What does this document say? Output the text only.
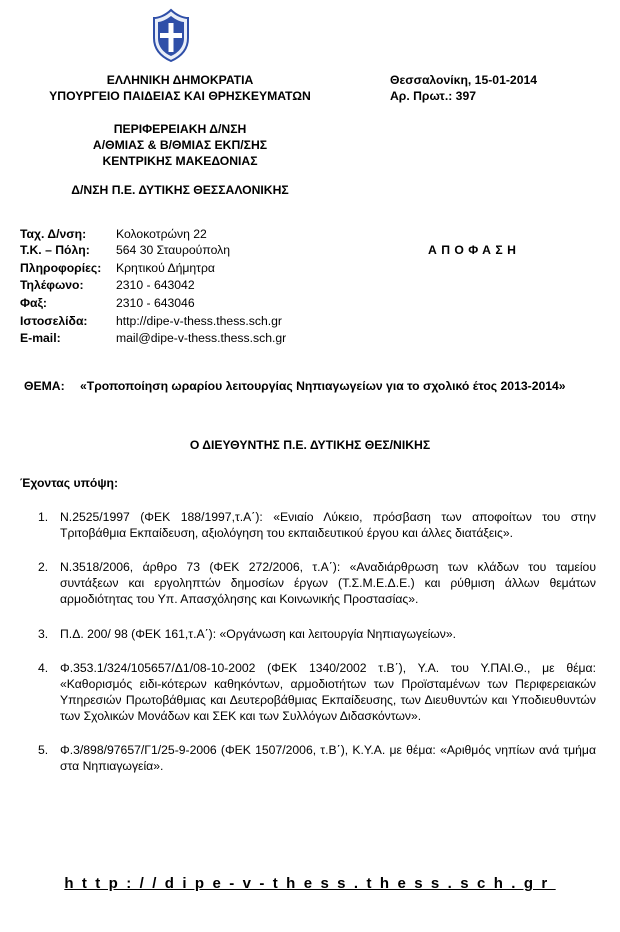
ΕΛΛΗΝΙΚΗ ΔΗΜΟΚΡΑΤΙΑ
ΥΠΟΥΡΓΕΙΟ ΠΑΙΔΕΙΑΣ ΚΑΙ ΘΡΗΣΚΕΥΜΑΤΩΝ
ΠΕΡΙΦΕΡΕΙΑΚΗ Δ/ΝΣΗ
Α/ΘΜΙΑΣ & Β/ΘΜΙΑΣ ΕΚΠ/ΣΗΣ
ΚΕΝΤΡΙΚΗΣ ΜΑΚΕΔΟΝΙΑΣ
Δ/ΝΣΗ Π.Ε. ΔΥΤΙΚΗΣ ΘΕΣΣΑΛΟΝΙΚΗΣ
Θεσσαλονίκη, 15-01-2014
Αρ. Πρωτ.: 397
Ταχ. Δ/νση: Κολοκοτρώνη 22
Τ.Κ. – Πόλη: 564 30 Σταυρούπολη
Πληροφορίες: Κρητικού Δήμητρα
Τηλέφωνο:	2310 - 643042
Φαξ:	2310 - 643046
Ιστοσελίδα: http://dipe-v-thess.thess.sch.gr
E-mail:	mail@dipe-v-thess.thess.sch.gr
Α Π Ο Φ Α Σ Η
ΘΕΜΑ: «Τροποποίηση ωραρίου λειτουργίας Νηπιαγωγείων για το σχολικό έτος 2013-2014»
Ο ΔΙΕΥΘΥΝΤΗΣ Π.Ε. ΔΥΤΙΚΗΣ ΘΕΣ/ΝΙΚΗΣ
Έχοντας υπόψη:
1. Ν.2525/1997 (ΦΕΚ 188/1997,τ.Α΄): «Ενιαίο Λύκειο, πρόσβαση των αποφοίτων του στην Τριτοβάθμια Εκπαίδευση, αξιολόγηση του εκπαιδευτικού έργου και άλλες διατάξεις».
2. Ν.3518/2006, άρθρο 73 (ΦΕΚ 272/2006, τ.Α΄): «Αναδιάρθρωση των κλάδων του ταμείου συντάξεων και εργοληπτών δημοσίων έργων (Τ.Σ.Μ.Ε.Δ.Ε.) και ρύθμιση άλλων θεμάτων αρμοδιότητας του Υπ. Απασχόλησης και Κοινωνικής Προστασίας».
3. Π.Δ. 200/ 98 (ΦΕΚ 161,τ.Α΄): «Οργάνωση και λειτουργία Νηπιαγωγείων».
4. Φ.353.1/324/105657/Δ1/08-10-2002 (ΦΕΚ 1340/2002 τ.Β΄), Υ.Α. του Υ.ΠΑΙ.Θ., με θέμα: «Καθορισμός ειδι-κότερων καθηκόντων, αρμοδιοτήτων των Προϊσταμένων των Περιφερειακών Υπηρεσιών Πρωτοβάθμιας και Δευτεροβάθμιας Εκπαίδευσης, των Διευθυντών και Υποδιευθυντών των Σχολικών Μονάδων και ΣΕΚ και των Συλλόγων Διδασκόντων».
5. Φ.3/898/97657/Γ1/25-9-2006 (ΦΕΚ 1507/2006, τ.Β΄), Κ.Υ.Α. με θέμα: «Αριθμός νηπίων ανά τμήμα στα Νηπιαγωγεία».
http://dipe-v-thess.thess.sch.gr
